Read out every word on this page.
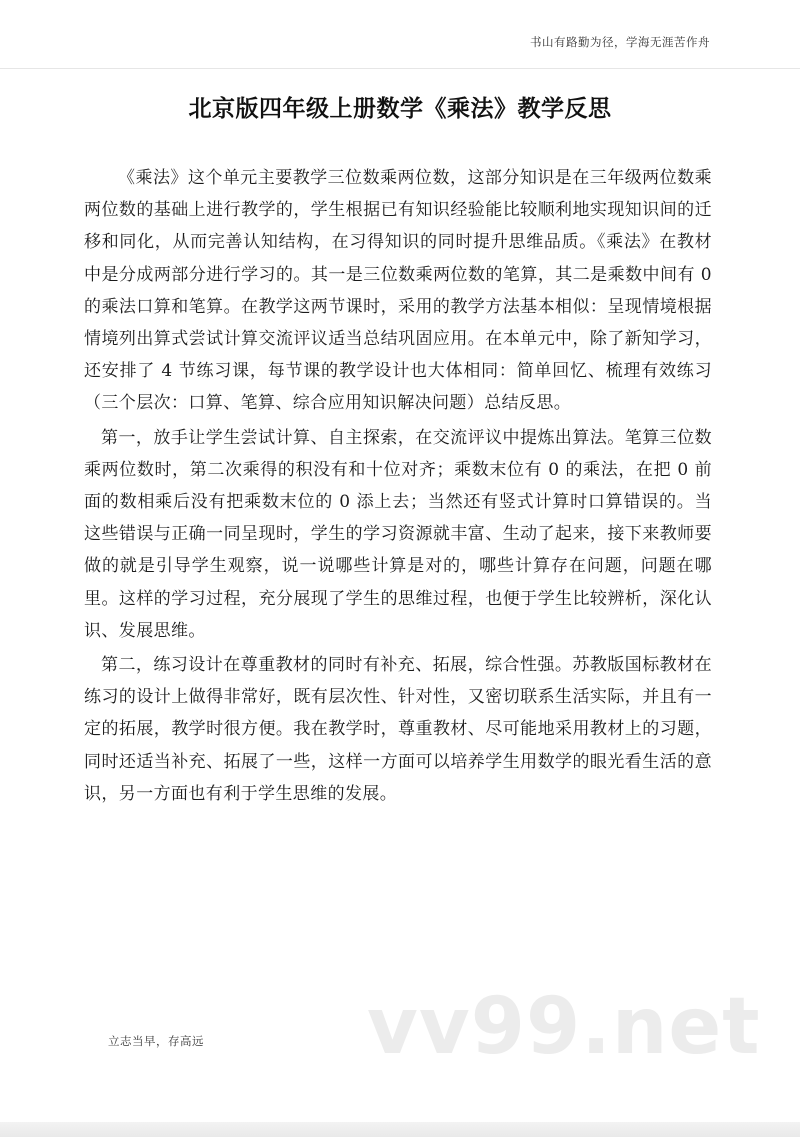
书山有路勤为径，学海无涯苦作舟
北京版四年级上册数学《乘法》教学反思

《乘法》这个单元主要教学三位数乘两位数，这部分知识是在三年级两位数乘两位数的基础上进行教学的，学生根据已有知识经验能比较顺利地实现知识间的迁移和同化，从而完善认知结构，在习得知识的同时提升思维品质。《乘法》在教材中是分成两部分进行学习的。其一是三位数乘两位数的笔算，其二是乘数中间有 0 的乘法口算和笔算。在教学这两节课时，采用的教学方法基本相似：呈现情境根据情境列出算式尝试计算交流评议适当总结巩固应用。在本单元中，除了新知学习，还安排了 4 节练习课，每节课的教学设计也大体相同：简单回忆、梳理有效练习（三个层次：口算、笔算、综合应用知识解决问题）总结反思。

第一，放手让学生尝试计算、自主探索，在交流评议中提炼出算法。笔算三位数乘两位数时，第二次乘得的积没有和十位对齐；乘数末位有 0 的乘法，在把 0 前面的数相乘后没有把乘数末位的 0 添上去；当然还有竖式计算时口算错误的。当这些错误与正确一同呈现时，学生的学习资源就丰富、生动了起来，接下来教师要做的就是引导学生观察，说一说哪些计算是对的，哪些计算存在问题，问题在哪里。这样的学习过程，充分展现了学生的思维过程，也便于学生比较辨析，深化认识、发展思维。

第二，练习设计在尊重教材的同时有补充、拓展，综合性强。苏教版国标教材在练习的设计上做得非常好，既有层次性、针对性，又密切联系生活实际，并且有一定的拓展，教学时很方便。我在教学时，尊重教材、尽可能地采用教材上的习题，同时还适当补充、拓展了一些，这样一方面可以培养学生用数学的眼光看生活的意识，另一方面也有利于学生思维的发展。

vv99.net
立志当早，存高远
